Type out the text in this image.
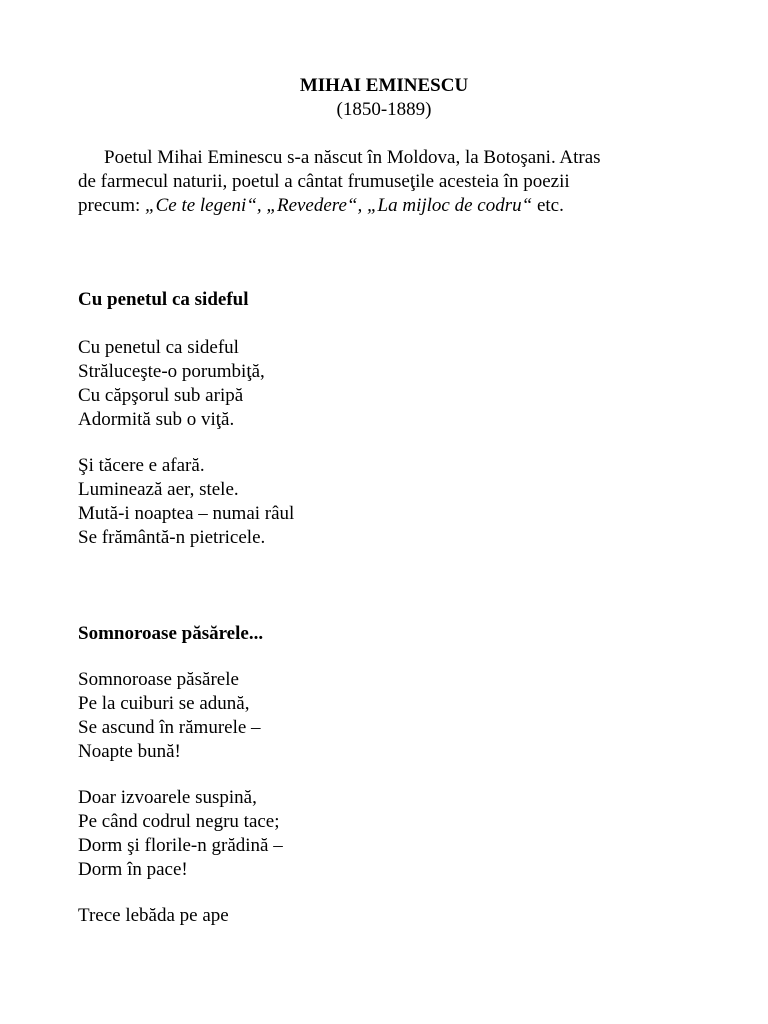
MIHAI EMINESCU
(1850-1889)
Poetul Mihai Eminescu s-a născut în Moldova, la Botoşani. Atras
de farmecul naturii, poetul a cântat frumuseţile acesteia în poezii
precum: „Ce te legeni“, „Revedere“, „La mijloc de codru“ etc.
Cu penetul ca sideful
Cu penetul ca sideful
Străluceşte-o porumbiţă,
Cu căpşorul sub aripă
Adormită sub o viţă.
Şi tăcere e afară.
Luminează aer, stele.
Mută-i noaptea – numai râul
Se frământă-n pietricele.
Somnoroase păsărele...
Somnoroase păsărele
Pe la cuiburi se adună,
Se ascund în rămurele –
Noapte bună!
Doar izvoarele suspină,
Pe când codrul negru tace;
Dorm şi florile-n grădină –
Dorm în pace!
Trece lebăda pe ape
